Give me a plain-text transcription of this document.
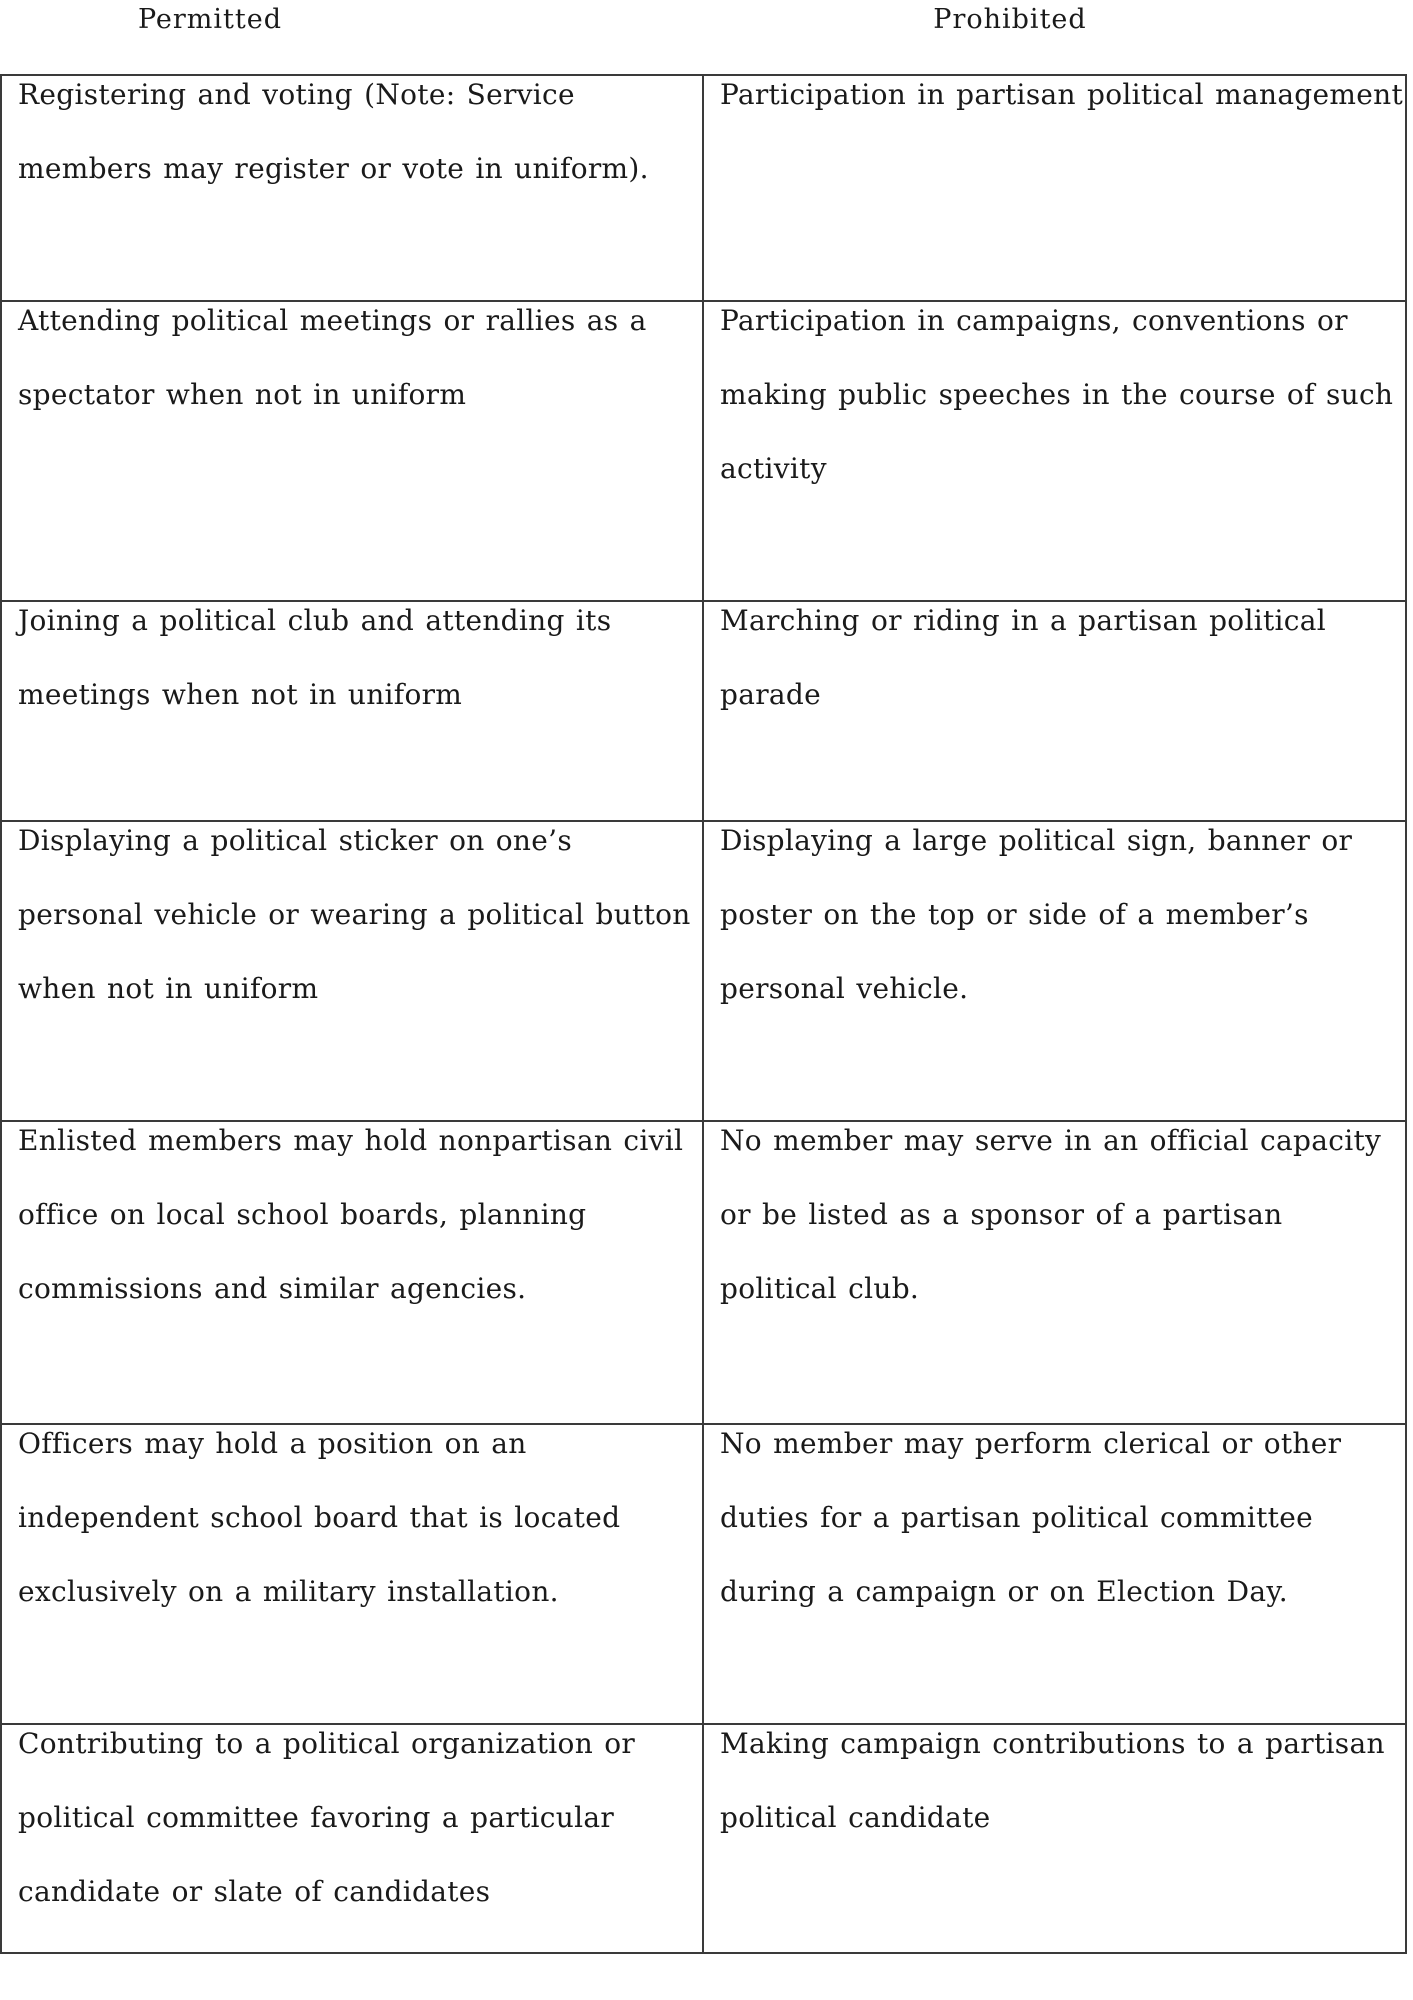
Permitted	Prohibited
Registering and voting (Note: Service members may register or vote in uniform).
Participation in partisan political management
Attending political meetings or rallies as a spectator when not in uniform
Participation in campaigns, conventions or making public speeches in the course of such activity
Joining a political club and attending its meetings when not in uniform
Marching or riding in a partisan political parade
Displaying a political sticker on one’s personal vehicle or wearing a political button when not in uniform
Displaying a large political sign, banner or poster on the top or side of a member’s personal vehicle.
Enlisted members may hold nonpartisan civil office on local school boards, planning commissions and similar agencies.
No member may serve in an official capacity or be listed as a sponsor of a partisan political club.
Officers may hold a position on an independent school board that is located exclusively on a military installation.
No member may perform clerical or other duties for a partisan political committee during a campaign or on Election Day.
Contributing to a political organization or political committee favoring a particular candidate or slate of candidates
Making campaign contributions to a partisan political candidate
